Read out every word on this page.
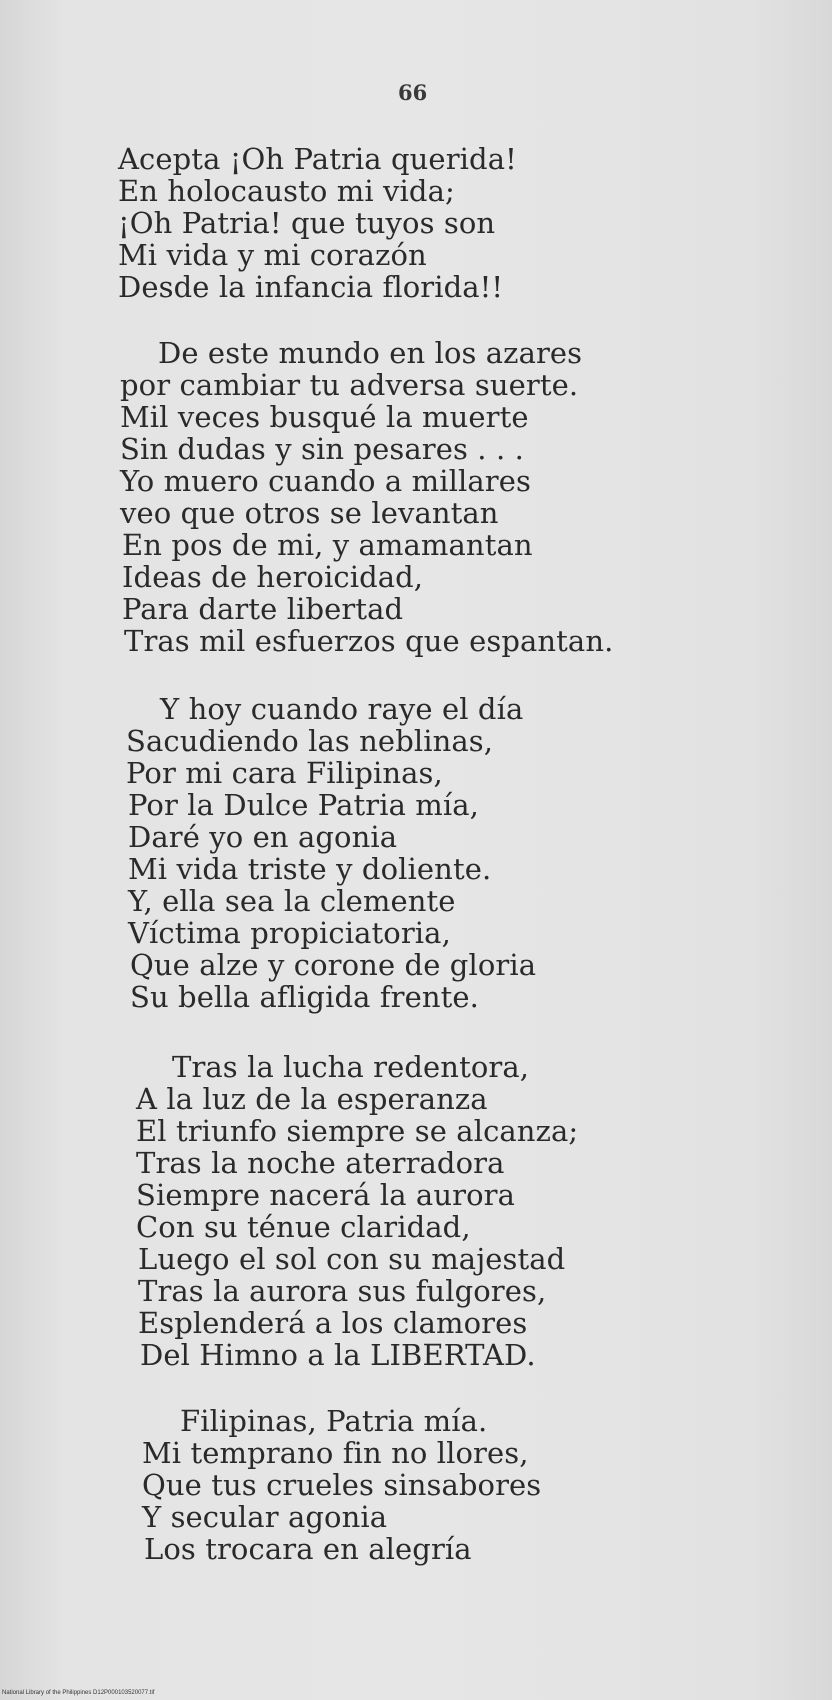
66
Acepta ¡Oh Patria querida!
En holocausto mi vida;
¡Oh Patria! que tuyos son
Mi vida y mi corazón
Desde la infancia florida!!
De este mundo en los azares
por cambiar tu adversa suerte.
Mil veces busqué la muerte
Sin dudas y sin pesares . . .
Yo muero cuando a millares
veo que otros se levantan
En pos de mi, y amamantan
Ideas de heroicidad,
Para darte libertad
Tras mil esfuerzos que espantan.
Y hoy cuando raye el día
Sacudiendo las neblinas,
Por mi cara Filipinas,
Por la Dulce Patria mía,
Daré yo en agonia
Mi vida triste y doliente.
Y, ella sea la clemente
Víctima propiciatoria,
Que alze y corone de gloria
Su bella afligida frente.
Tras la lucha redentora,
A la luz de la esperanza
El triunfo siempre se alcanza;
Tras la noche aterradora
Siempre nacerá la aurora
Con su ténue claridad,
Luego el sol con su majestad
Tras la aurora sus fulgores,
Esplenderá a los clamores
Del Himno a la LIBERTAD.
Filipinas, Patria mía.
Mi temprano fin no llores,
Que tus crueles sinsabores
Y secular agonia
Los trocara en alegría
National Library of the Philippines D12P000103520077.tif
